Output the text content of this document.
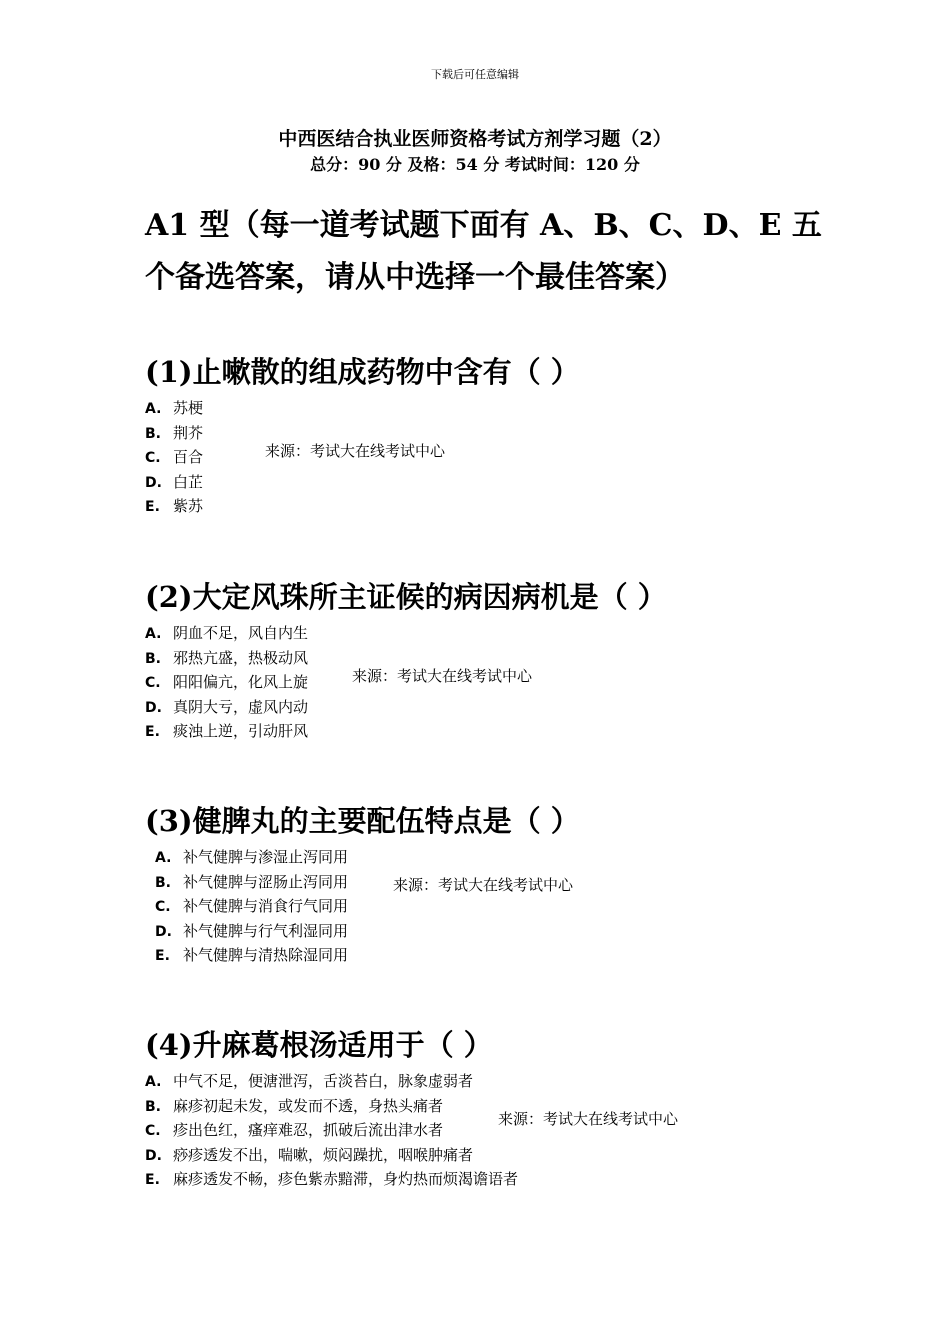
下载后可任意编辑
中西医结合执业医师资格考试方剂学习题（2）
总分：90 分 及格：54 分 考试时间：120 分
A1 型（每一道考试题下面有 A、B、C、D、E 五个备选答案，请从中选择一个最佳答案）
(1)止嗽散的组成药物中含有（ ）
A. 苏梗
B. 荆芥
C. 百合
D. 白芷
E. 紫苏
来源：考试大在线考试中心
(2)大定风珠所主证候的病因病机是（ ）
A. 阴血不足，风自内生
B. 邪热亢盛，热极动风
C. 阳阳偏亢，化风上旋
D. 真阴大亏，虚风内动
E. 痰浊上逆，引动肝风
来源：考试大在线考试中心
(3)健脾丸的主要配伍特点是（ ）
A. 补气健脾与渗湿止泻同用
B. 补气健脾与涩肠止泻同用
C. 补气健脾与消食行气同用
D. 补气健脾与行气利湿同用
E. 补气健脾与清热除湿同用
来源：考试大在线考试中心
(4)升麻葛根汤适用于（ ）
A. 中气不足，便溏泄泻，舌淡苔白，脉象虚弱者
B. 麻疹初起未发，或发而不透，身热头痛者
C. 疹出色红，瘙痒难忍，抓破后流出津水者
D. 痧疹透发不出，喘嗽，烦闷躁扰，咽喉肿痛者
E. 麻疹透发不畅，疹色紫赤黯滞，身灼热而烦渴谵语者
来源：考试大在线考试中心
